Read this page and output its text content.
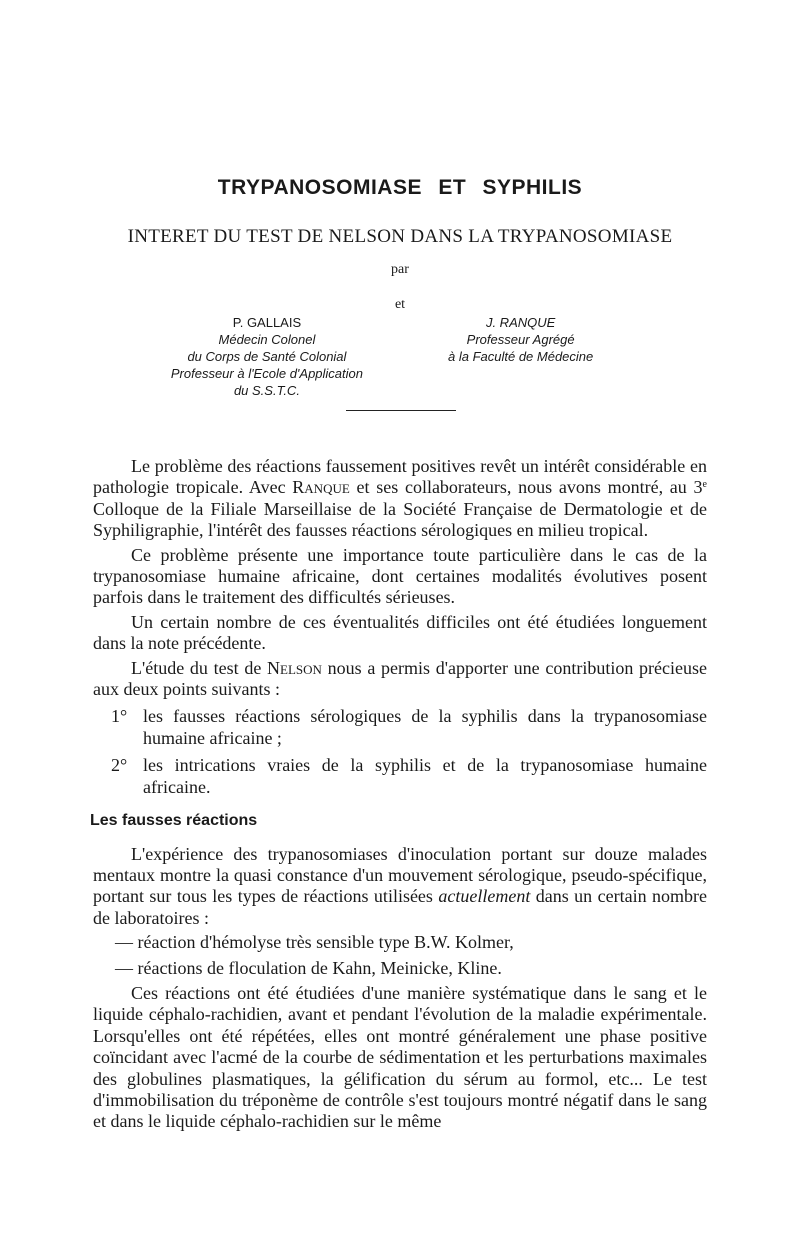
TRYPANOSOMIASE ET SYPHILIS
INTERET DU TEST DE NELSON DANS LA TRYPANOSOMIASE
par
et
P. GALLAIS
Médecin Colonel
du Corps de Santé Colonial
Professeur à l'Ecole d'Application
du S.S.T.C.
J. RANQUE
Professeur Agrégé
à la Faculté de Médecine

Le problème des réactions faussement positives revêt un intérêt considérable en pathologie tropicale. Avec Ranque et ses collaborateurs, nous avons montré, au 3e Colloque de la Filiale Marseillaise de la Société Française de Dermatologie et de Syphiligraphie, l'intérêt des fausses réactions sérologiques en milieu tropical.

Ce problème présente une importance toute particulière dans le cas de la trypanosomiase humaine africaine, dont certaines modalités évolutives posent parfois dans le traitement des difficultés sérieuses.

Un certain nombre de ces éventualités difficiles ont été étudiées longuement dans la note précédente.

L'étude du test de Nelson nous a permis d'apporter une contribution précieuse aux deux points suivants :

1° les fausses réactions sérologiques de la syphilis dans la trypanosomiase humaine africaine ;

2° les intrications vraies de la syphilis et de la trypanosomiase humaine africaine.

Les fausses réactions

L'expérience des trypanosomiases d'inoculation portant sur douze malades mentaux montre la quasi constance d'un mouvement sérologique, pseudo-spécifique, portant sur tous les types de réactions utilisées actuellement dans un certain nombre de laboratoires :

— réaction d'hémolyse très sensible type B.W. Kolmer,

— réactions de floculation de Kahn, Meinicke, Kline.

Ces réactions ont été étudiées d'une manière systématique dans le sang et le liquide céphalo-rachidien, avant et pendant l'évolution de la maladie expérimentale. Lorsqu'elles ont été répétées, elles ont montré généralement une phase positive coïncidant avec l'acmé de la courbe de sédimentation et les perturbations maximales des globulines plasmatiques, la gélification du sérum au formol, etc... Le test d'immobilisation du tréponème de contrôle s'est toujours montré négatif dans le sang et dans le liquide céphalo-rachidien sur le même
